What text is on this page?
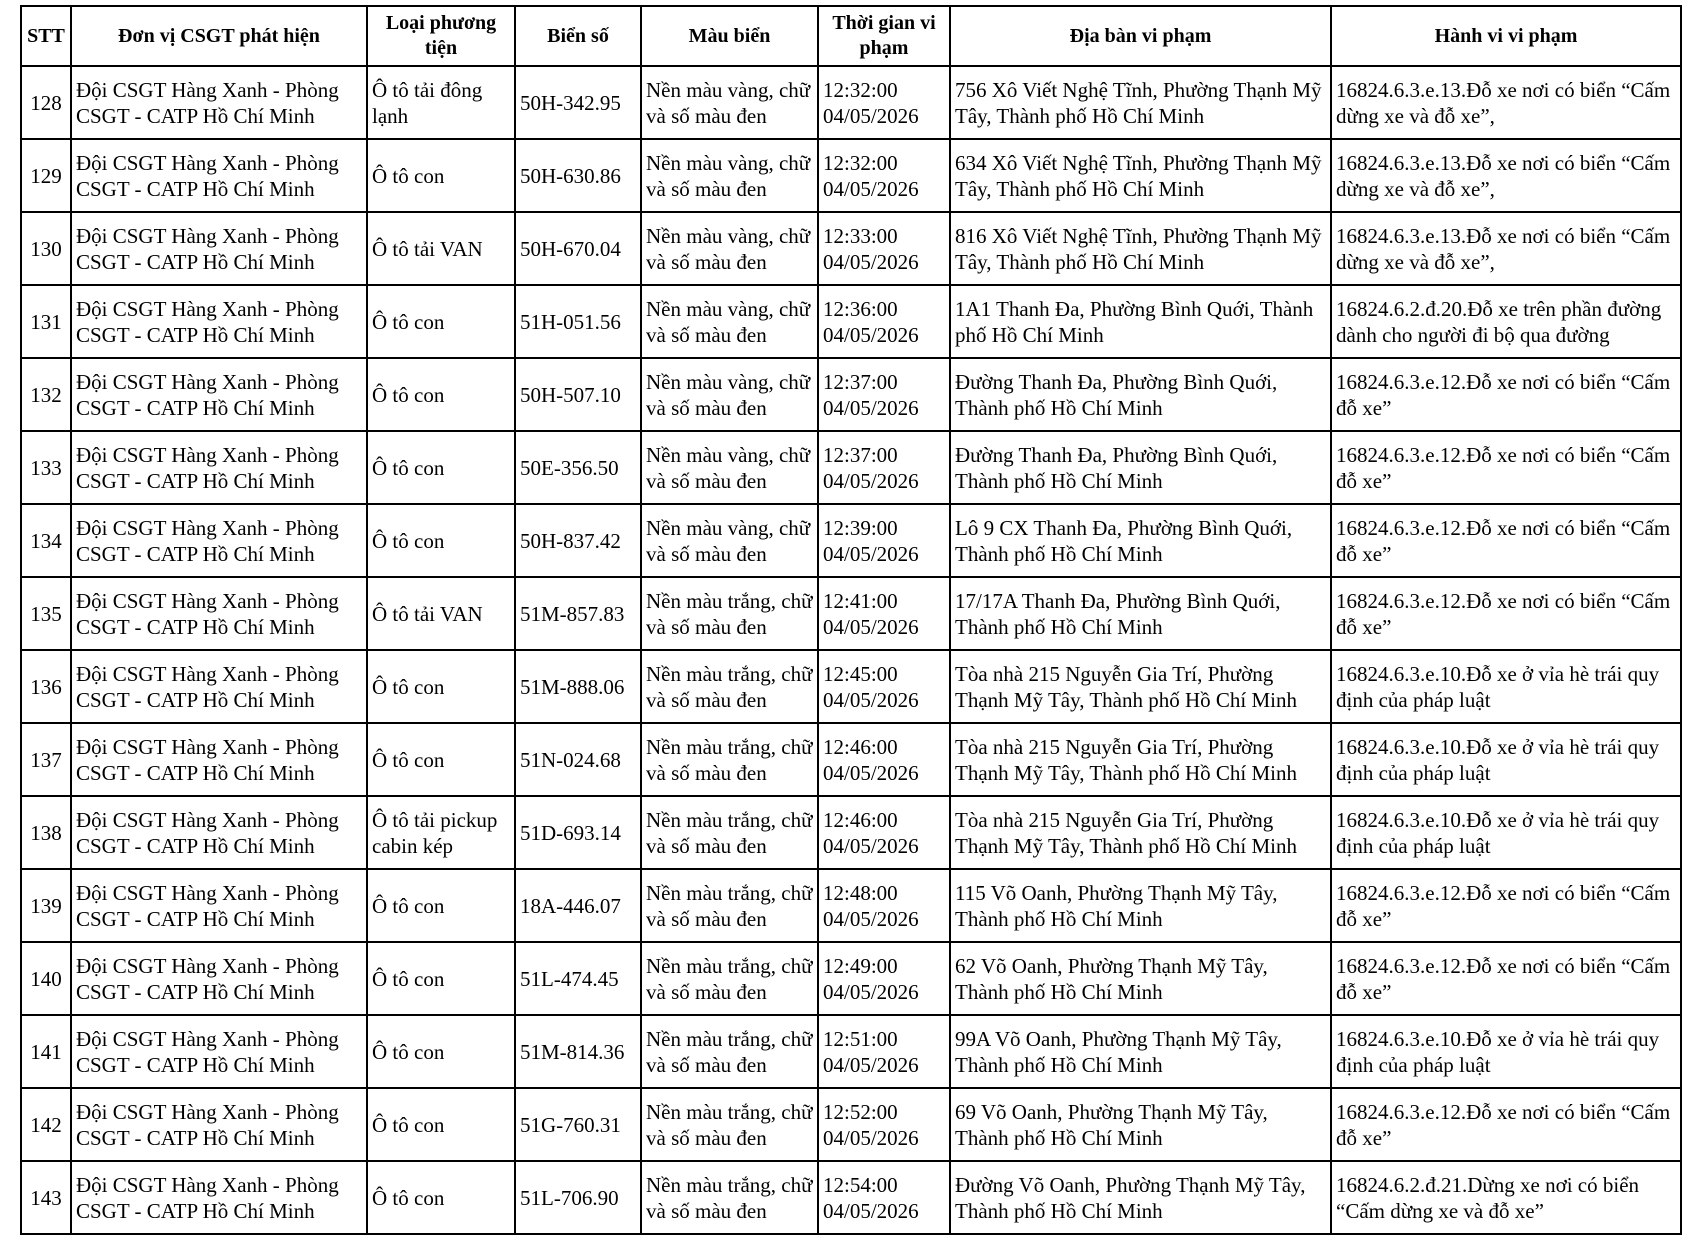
STT	Đơn vị CSGT phát hiện	Loại phương tiện	Biển số	Màu biển	Thời gian vi phạm	Địa bàn vi phạm	Hành vi vi phạm
128	Đội CSGT Hàng Xanh - Phòng CSGT - CATP Hồ Chí Minh	Ô tô tải đông lạnh	50H-342.95	Nền màu vàng, chữ và số màu đen	12:32:00 04/05/2026	756 Xô Viết Nghệ Tĩnh, Phường Thạnh Mỹ Tây, Thành phố Hồ Chí Minh	16824.6.3.e.13.Đỗ xe nơi có biển “Cấm dừng xe và đỗ xe”,
129	Đội CSGT Hàng Xanh - Phòng CSGT - CATP Hồ Chí Minh	Ô tô con	50H-630.86	Nền màu vàng, chữ và số màu đen	12:32:00 04/05/2026	634 Xô Viết Nghệ Tĩnh, Phường Thạnh Mỹ Tây, Thành phố Hồ Chí Minh	16824.6.3.e.13.Đỗ xe nơi có biển “Cấm dừng xe và đỗ xe”,
130	Đội CSGT Hàng Xanh - Phòng CSGT - CATP Hồ Chí Minh	Ô tô tải VAN	50H-670.04	Nền màu vàng, chữ và số màu đen	12:33:00 04/05/2026	816 Xô Viết Nghệ Tĩnh, Phường Thạnh Mỹ Tây, Thành phố Hồ Chí Minh	16824.6.3.e.13.Đỗ xe nơi có biển “Cấm dừng xe và đỗ xe”,
131	Đội CSGT Hàng Xanh - Phòng CSGT - CATP Hồ Chí Minh	Ô tô con	51H-051.56	Nền màu vàng, chữ và số màu đen	12:36:00 04/05/2026	1A1 Thanh Đa, Phường Bình Quới, Thành phố Hồ Chí Minh	16824.6.2.đ.20.Đỗ xe trên phần đường dành cho người đi bộ qua đường
132	Đội CSGT Hàng Xanh - Phòng CSGT - CATP Hồ Chí Minh	Ô tô con	50H-507.10	Nền màu vàng, chữ và số màu đen	12:37:00 04/05/2026	Đường Thanh Đa, Phường Bình Quới, Thành phố Hồ Chí Minh	16824.6.3.e.12.Đỗ xe nơi có biển “Cấm đỗ xe”
133	Đội CSGT Hàng Xanh - Phòng CSGT - CATP Hồ Chí Minh	Ô tô con	50E-356.50	Nền màu vàng, chữ và số màu đen	12:37:00 04/05/2026	Đường Thanh Đa, Phường Bình Quới, Thành phố Hồ Chí Minh	16824.6.3.e.12.Đỗ xe nơi có biển “Cấm đỗ xe”
134	Đội CSGT Hàng Xanh - Phòng CSGT - CATP Hồ Chí Minh	Ô tô con	50H-837.42	Nền màu vàng, chữ và số màu đen	12:39:00 04/05/2026	Lô 9 CX Thanh Đa, Phường Bình Quới, Thành phố Hồ Chí Minh	16824.6.3.e.12.Đỗ xe nơi có biển “Cấm đỗ xe”
135	Đội CSGT Hàng Xanh - Phòng CSGT - CATP Hồ Chí Minh	Ô tô tải VAN	51M-857.83	Nền màu trắng, chữ và số màu đen	12:41:00 04/05/2026	17/17A Thanh Đa, Phường Bình Quới, Thành phố Hồ Chí Minh	16824.6.3.e.12.Đỗ xe nơi có biển “Cấm đỗ xe”
136	Đội CSGT Hàng Xanh - Phòng CSGT - CATP Hồ Chí Minh	Ô tô con	51M-888.06	Nền màu trắng, chữ và số màu đen	12:45:00 04/05/2026	Tòa nhà 215 Nguyễn Gia Trí, Phường Thạnh Mỹ Tây, Thành phố Hồ Chí Minh	16824.6.3.e.10.Đỗ xe ở vỉa hè trái quy định của pháp luật
137	Đội CSGT Hàng Xanh - Phòng CSGT - CATP Hồ Chí Minh	Ô tô con	51N-024.68	Nền màu trắng, chữ và số màu đen	12:46:00 04/05/2026	Tòa nhà 215 Nguyễn Gia Trí, Phường Thạnh Mỹ Tây, Thành phố Hồ Chí Minh	16824.6.3.e.10.Đỗ xe ở vỉa hè trái quy định của pháp luật
138	Đội CSGT Hàng Xanh - Phòng CSGT - CATP Hồ Chí Minh	Ô tô tải pickup cabin kép	51D-693.14	Nền màu trắng, chữ và số màu đen	12:46:00 04/05/2026	Tòa nhà 215 Nguyễn Gia Trí, Phường Thạnh Mỹ Tây, Thành phố Hồ Chí Minh	16824.6.3.e.10.Đỗ xe ở vỉa hè trái quy định của pháp luật
139	Đội CSGT Hàng Xanh - Phòng CSGT - CATP Hồ Chí Minh	Ô tô con	18A-446.07	Nền màu trắng, chữ và số màu đen	12:48:00 04/05/2026	115 Võ Oanh, Phường Thạnh Mỹ Tây, Thành phố Hồ Chí Minh	16824.6.3.e.12.Đỗ xe nơi có biển “Cấm đỗ xe”
140	Đội CSGT Hàng Xanh - Phòng CSGT - CATP Hồ Chí Minh	Ô tô con	51L-474.45	Nền màu trắng, chữ và số màu đen	12:49:00 04/05/2026	62 Võ Oanh, Phường Thạnh Mỹ Tây, Thành phố Hồ Chí Minh	16824.6.3.e.12.Đỗ xe nơi có biển “Cấm đỗ xe”
141	Đội CSGT Hàng Xanh - Phòng CSGT - CATP Hồ Chí Minh	Ô tô con	51M-814.36	Nền màu trắng, chữ và số màu đen	12:51:00 04/05/2026	99A Võ Oanh, Phường Thạnh Mỹ Tây, Thành phố Hồ Chí Minh	16824.6.3.e.10.Đỗ xe ở vỉa hè trái quy định của pháp luật
142	Đội CSGT Hàng Xanh - Phòng CSGT - CATP Hồ Chí Minh	Ô tô con	51G-760.31	Nền màu trắng, chữ và số màu đen	12:52:00 04/05/2026	69 Võ Oanh, Phường Thạnh Mỹ Tây, Thành phố Hồ Chí Minh	16824.6.3.e.12.Đỗ xe nơi có biển “Cấm đỗ xe”
143	Đội CSGT Hàng Xanh - Phòng CSGT - CATP Hồ Chí Minh	Ô tô con	51L-706.90	Nền màu trắng, chữ và số màu đen	12:54:00 04/05/2026	Đường Võ Oanh, Phường Thạnh Mỹ Tây, Thành phố Hồ Chí Minh	16824.6.2.đ.21.Dừng xe nơi có biển “Cấm dừng xe và đỗ xe”
